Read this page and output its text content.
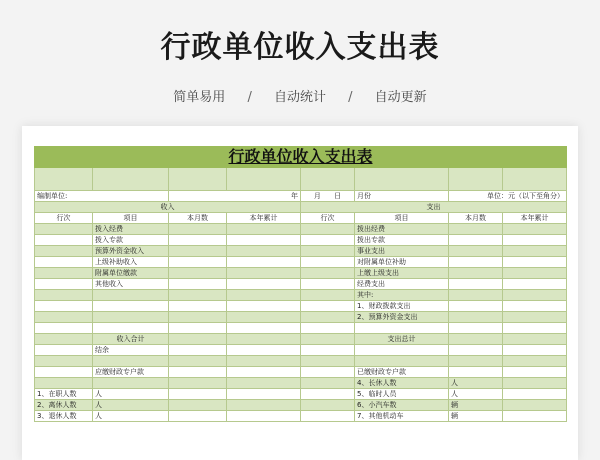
行政单位收入支出表
简单易用 / 自动统计 / 自动更新
行政单位收入支出表							

编制单位:		年		月 日	月份	单位：元（以下至角分）	
收入				支出			
行次	项目	本月数	本年累计	行次	项目	本月数	本年累计
	拨入经费				拨出经费		
	拨入专款				拨出专款		
	预算外资金收入				事业支出		
	上级补助收入				对附属单位补助		
	附属单位缴款				上缴上级支出		
	其他收入				经费支出		
					其中:		
					1、财政拨款支出		
					2、预算外资金支出		

	收入合计				支出总计		
	结余						

	应缴财政专户款				已缴财政专户款		
					4、长休人数	人	
1、在职人数	人				5、临时人员	人	
2、离休人数	人				6、小汽车数	辆	
3、退休人数	人				7、其他机动车	辆	
